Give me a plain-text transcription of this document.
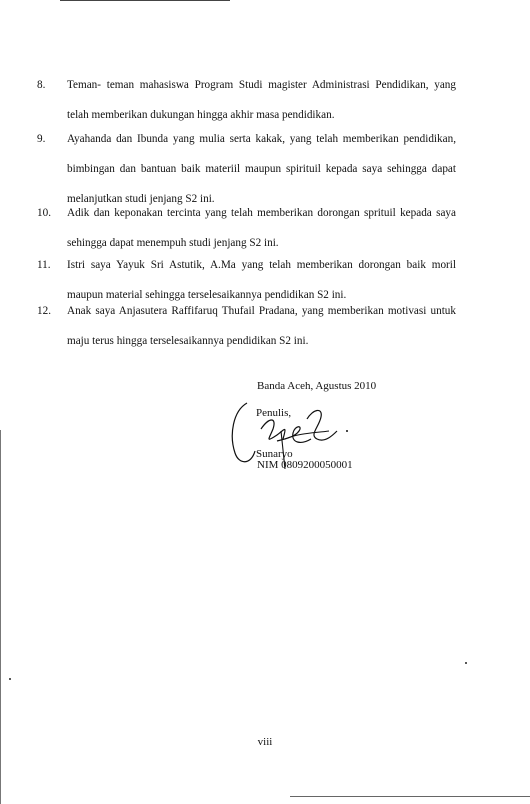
8. Teman- teman mahasiswa Program Studi magister Administrasi Pendidikan, yang
telah memberikan dukungan hingga akhir masa pendidikan.
9. Ayahanda dan Ibunda yang mulia serta kakak, yang telah memberikan pendidikan,
bimbingan dan bantuan baik materiil maupun spirituil kepada saya sehingga dapat
melanjutkan studi jenjang S2 ini.
10. Adik dan keponakan tercinta yang telah memberikan dorongan sprituil kepada saya
sehingga dapat menempuh studi jenjang S2 ini.
11. Istri saya Yayuk Sri Astutik, A.Ma yang telah memberikan dorongan baik moril
maupun material sehingga terselesaikannya pendidikan S2 ini.
12. Anak saya Anjasutera Raffifaruq Thufail Pradana, yang memberikan motivasi untuk
maju terus hingga terselesaikannya pendidikan S2 ini.
Banda Aceh, Agustus 2010
Penulis,
Sunaryo
NIM 0809200050001
viii
